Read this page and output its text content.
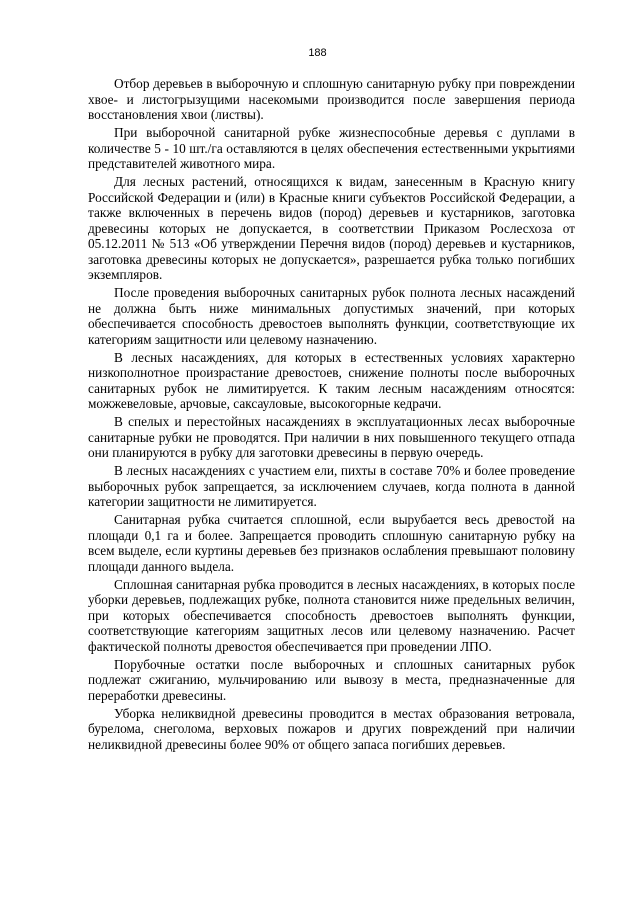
188

Отбор деревьев в выборочную и сплошную санитарную рубку при повреждении хвое- и листогрызущими насекомыми производится после завершения периода восстановления хвои (листвы).

При выборочной санитарной рубке жизнеспособные деревья с дуплами в количестве 5 - 10 шт./га оставляются в целях обеспечения естественными укрытиями представителей животного мира.

Для лесных растений, относящихся к видам, занесенным в Красную книгу Российской Федерации и (или) в Красные книги субъектов Российской Федерации, а также включенных в перечень видов (пород) деревьев и кустарников, заготовка древесины которых не допускается, в соответствии Приказом Рослесхоза от 05.12.2011 № 513 «Об утверждении Перечня видов (пород) деревьев и кустарников, заготовка древесины которых не допускается», разрешается рубка только погибших экземпляров.

После проведения выборочных санитарных рубок полнота лесных насаждений не должна быть ниже минимальных допустимых значений, при которых обеспечивается способность древостоев выполнять функции, соответствующие их категориям защитности или целевому назначению.

В лесных насаждениях, для которых в естественных условиях характерно низкополнотное произрастание древостоев, снижение полноты после выборочных санитарных рубок не лимитируется. К таким лесным насаждениям относятся: можжевеловые, арчовые, саксауловые, высокогорные кедрачи.

В спелых и перестойных насаждениях в эксплуатационных лесах выборочные санитарные рубки не проводятся. При наличии в них повышенного текущего отпада они планируются в рубку для заготовки древесины в первую очередь.

В лесных насаждениях с участием ели, пихты в составе 70% и более проведение выборочных рубок запрещается, за исключением случаев, когда полнота в данной категории защитности не лимитируется.

Санитарная рубка считается сплошной, если вырубается весь древостой на площади 0,1 га и более. Запрещается проводить сплошную санитарную рубку на всем выделе, если куртины деревьев без признаков ослабления превышают половину площади данного выдела.

Сплошная санитарная рубка проводится в лесных насаждениях, в которых после уборки деревьев, подлежащих рубке, полнота становится ниже предельных величин, при которых обеспечивается способность древостоев выполнять функции, соответствующие категориям защитных лесов или целевому назначению. Расчет фактической полноты древостоя обеспечивается при проведении ЛПО.

Порубочные остатки после выборочных и сплошных санитарных рубок подлежат сжиганию, мульчированию или вывозу в места, предназначенные для переработки древесины.

Уборка неликвидной древесины проводится в местах образования ветровала, бурелома, снеголома, верховых пожаров и других повреждений при наличии неликвидной древесины более 90% от общего запаса погибших деревьев.
